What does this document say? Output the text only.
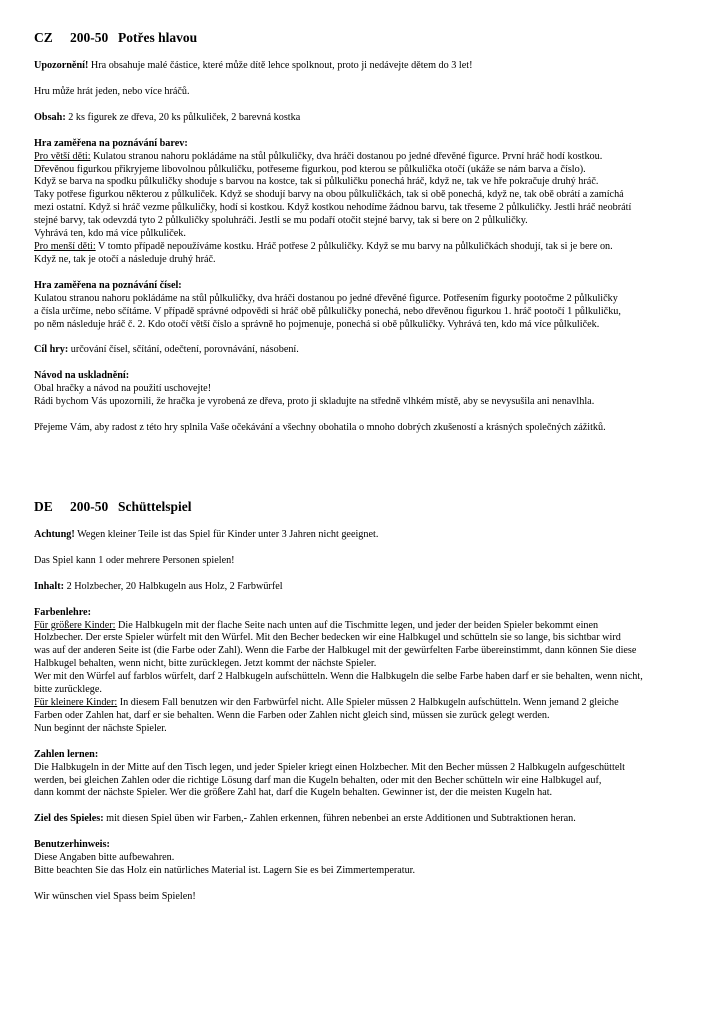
CZ 200-50 Potřes hlavou

Upozornění! Hra obsahuje malé částice, které může dítě lehce spolknout, proto ji nedávejte dětem do 3 let!

Hru může hrát jeden, nebo více hráčů.

Obsah: 2 ks figurek ze dřeva, 20 ks půlkuliček, 2 barevná kostka

Hra zaměřena na poznávání barev:
Pro větší děti: Kulatou stranou nahoru pokládáme na stůl půlkuličky, dva hráči dostanou po jedné dřevěné figurce. První hráč hodí kostkou.
Dřevěnou figurkou přikryjeme libovolnou půlkuličku, potřeseme figurkou, pod kterou se půlkulička otočí (ukáže se nám barva a číslo).
Když se barva na spodku půlkuličky shoduje s barvou na kostce, tak si půlkuličku ponechá hráč, když ne, tak ve hře pokračuje druhý hráč.
Taky potřese figurkou některou z půlkuliček. Když se shodují barvy na obou půlkuličkách, tak si obě ponechá, když ne, tak obě obrátí a zamíchá
mezi ostatní. Když si hráč vezme půlkuličky, hodí si kostkou. Když kostkou nehodíme žádnou barvu, tak třeseme 2 půlkuličky. Jestli hráč neobrátí
stejné barvy, tak odevzdá tyto 2 půlkuličky spoluhráči. Jestli se mu podaří otočit stejné barvy, tak si bere on 2 půlkuličky.
Vyhrává ten, kdo má více půlkuliček.
Pro menší děti: V tomto případě nepoužíváme kostku. Hráč potřese 2 půlkuličky. Když se mu barvy na půlkuličkách shodují, tak si je bere on.
Když ne, tak je otočí a následuje druhý hráč.

Hra zaměřena na poznávání čísel:
Kulatou stranou nahoru pokládáme na stůl půlkuličky, dva hráči dostanou po jedné dřevěné figurce. Potřesením figurky pootočme 2 půlkuličky
a čísla určíme, nebo sčítáme. V případě správné odpovědi si hráč obě půlkuličky ponechá, nebo dřevěnou figurkou 1. hráč pootočí 1 půlkuličku,
po něm následuje hráč č. 2. Kdo otočí větší číslo a správně ho pojmenuje, ponechá si obě půlkuličky. Vyhrává ten, kdo má více půlkuliček.

Cíl hry: určování čísel, sčítání, odečtení, porovnávání, násobení.

Návod na uskladnění:
Obal hračky a návod na použití uschovejte!
Rádi bychom Vás upozornili, že hračka je vyrobená ze dřeva, proto ji skladujte na středně vlhkém místě, aby se nevysušila ani nenavlhla.

Přejeme Vám, aby radost z této hry splnila Vaše očekávání a všechny obohatila o mnoho dobrých zkušeností a krásných společných zážitků.

DE 200-50 Schüttelspiel

Achtung! Wegen kleiner Teile ist das Spiel für Kinder unter 3 Jahren nicht geeignet.

Das Spiel kann 1 oder mehrere Personen spielen!

Inhalt: 2 Holzbecher, 20 Halbkugeln aus Holz, 2 Farbwürfel

Farbenlehre:
Für größere Kinder: Die Halbkugeln mit der flache Seite nach unten auf die Tischmitte legen, und jeder der beiden Spieler bekommt einen
Holzbecher. Der erste Spieler würfelt mit den Würfel. Mit den Becher bedecken wir eine Halbkugel und schütteln sie so lange, bis sichtbar wird
was auf der anderen Seite ist (die Farbe oder Zahl). Wenn die Farbe der Halbkugel mit der gewürfelten Farbe übereinstimmt, dann können Sie diese
Halbkugel behalten, wenn nicht, bitte zurücklegen. Jetzt kommt der nächste Spieler.
Wer mit den Würfel auf farblos würfelt, darf 2 Halbkugeln aufschütteln. Wenn die Halbkugeln die selbe Farbe haben darf er sie behalten, wenn nicht,
bitte zurücklege.
Für kleinere Kinder: In diesem Fall benutzen wir den Farbwürfel nicht. Alle Spieler müssen 2 Halbkugeln aufschütteln. Wenn jemand 2 gleiche
Farben oder Zahlen hat, darf er sie behalten. Wenn die Farben oder Zahlen nicht gleich sind, müssen sie zurück gelegt werden.
Nun beginnt der nächste Spieler.

Zahlen lernen:
Die Halbkugeln in der Mitte auf den Tisch legen, und jeder Spieler kriegt einen Holzbecher. Mit den Becher müssen 2 Halbkugeln aufgeschüttelt
werden, bei gleichen Zahlen oder die richtige Lösung darf man die Kugeln behalten, oder mit den Becher schütteln wir eine Halbkugel auf,
dann kommt der nächste Spieler. Wer die größere Zahl hat, darf die Kugeln behalten. Gewinner ist, der die meisten Kugeln hat.

Ziel des Spieles: mit diesen Spiel üben wir Farben,- Zahlen erkennen, führen nebenbei an erste Additionen und Subtraktionen heran.

Benutzerhinweis:
Diese Angaben bitte aufbewahren.
Bitte beachten Sie das Holz ein natürliches Material ist. Lagern Sie es bei Zimmertemperatur.

Wir wünschen viel Spass beim Spielen!
